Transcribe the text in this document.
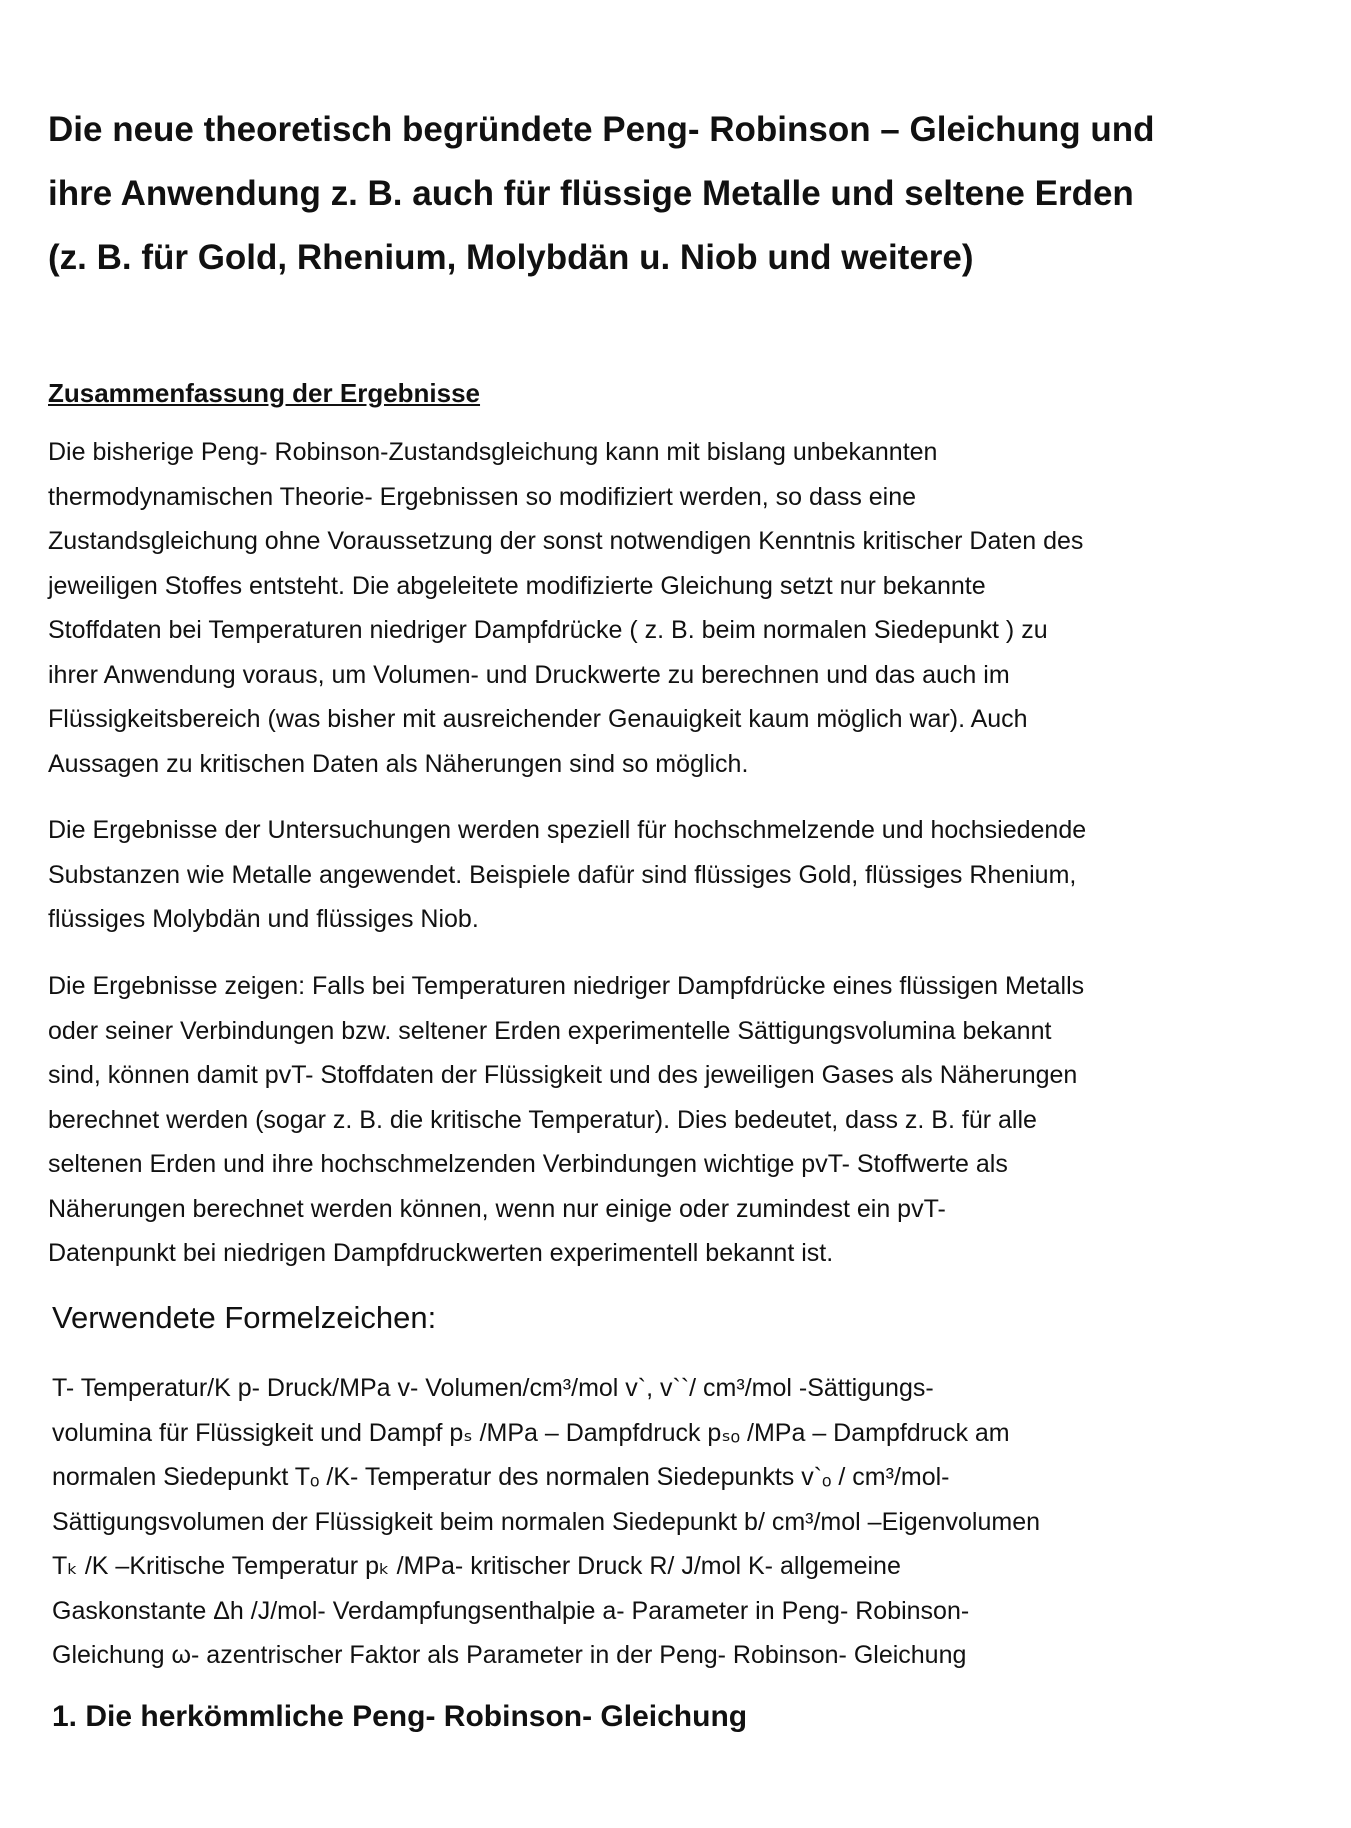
Die neue theoretisch begründete Peng- Robinson – Gleichung und
ihre Anwendung z. B. auch für flüssige Metalle und seltene Erden
(z. B. für Gold, Rhenium, Molybdän u. Niob und weitere)
Zusammenfassung der Ergebnisse

Die bisherige Peng- Robinson-Zustandsgleichung kann mit bislang unbekannten
thermodynamischen Theorie- Ergebnissen so modifiziert werden, so dass eine
Zustandsgleichung ohne Voraussetzung der sonst notwendigen Kenntnis kritischer Daten des
jeweiligen Stoffes entsteht. Die abgeleitete modifizierte Gleichung setzt nur bekannte
Stoffdaten bei Temperaturen niedriger Dampfdrücke ( z. B. beim normalen Siedepunkt ) zu
ihrer Anwendung voraus, um Volumen- und Druckwerte zu berechnen und das auch im
Flüssigkeitsbereich (was bisher mit ausreichender Genauigkeit kaum möglich war). Auch
Aussagen zu kritischen Daten als Näherungen sind so möglich.

Die Ergebnisse der Untersuchungen werden speziell für hochschmelzende und hochsiedende
Substanzen wie Metalle angewendet. Beispiele dafür sind flüssiges Gold, flüssiges Rhenium,
flüssiges Molybdän und flüssiges Niob.

Die Ergebnisse zeigen: Falls bei Temperaturen niedriger Dampfdrücke eines flüssigen Metalls
oder seiner Verbindungen bzw. seltener Erden experimentelle Sättigungsvolumina bekannt
sind, können damit pvT- Stoffdaten der Flüssigkeit und des jeweiligen Gases als Näherungen
berechnet werden (sogar z. B. die kritische Temperatur). Dies bedeutet, dass z. B. für alle
seltenen Erden und ihre hochschmelzenden Verbindungen wichtige pvT- Stoffwerte als
Näherungen berechnet werden können, wenn nur einige oder zumindest ein pvT-
Datenpunkt bei niedrigen Dampfdruckwerten experimentell bekannt ist.

Verwendete Formelzeichen:

T- Temperatur/K p- Druck/MPa v- Volumen/cm³/mol v`, v``/ cm³/mol -Sättigungs-
volumina für Flüssigkeit und Dampf pₛ /MPa – Dampfdruck pₛₒ /MPa – Dampfdruck am
normalen Siedepunkt Tₒ /K- Temperatur des normalen Siedepunkts v`ₒ / cm³/mol-
Sättigungsvolumen der Flüssigkeit beim normalen Siedepunkt b/ cm³/mol –Eigenvolumen
Tₖ /K –Kritische Temperatur pₖ /MPa- kritischer Druck R/ J/mol K- allgemeine
Gaskonstante Δh /J/mol- Verdampfungsenthalpie a- Parameter in Peng- Robinson-
Gleichung ω- azentrischer Faktor als Parameter in der Peng- Robinson- Gleichung

1. Die herkömmliche Peng- Robinson- Gleichung
